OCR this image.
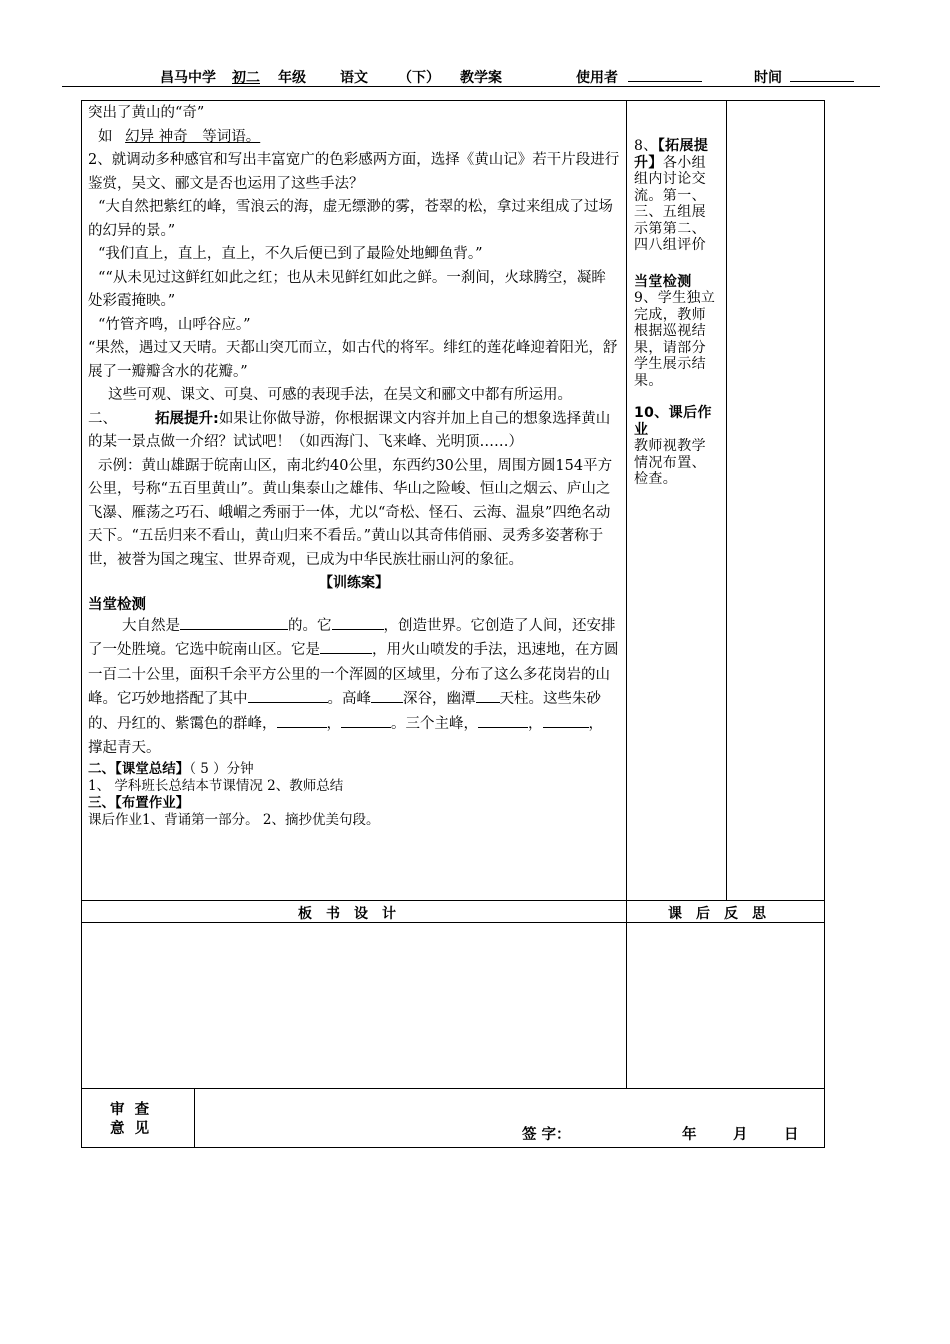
昌马中学 初二 年级 语文 （下） 教学案	使用者	时间

突出了黄山的“奇”

如 幻异 神奇　等词语。

2、就调动多种感官和写出丰富宽广的色彩感两方面，选择《黄山记》若干片段进行鉴赏，吴文、郦文是否也运用了这些手法？

“大自然把紫红的峰，雪浪云的海，虚无缥渺的雾，苍翠的松，拿过来组成了过场的幻异的景。”

“我们直上，直上，直上，不久后便已到了最险处地鲫鱼背。”

““从未见过这鲜红如此之红；也从未见鲜红如此之鲜。一刹间，火球腾空，凝眸处彩霞掩映。”

“竹管齐鸣，山呼谷应。”

“果然，遇过又天晴。天都山突兀而立，如古代的将军。绯红的莲花峰迎着阳光，舒展了一瓣瓣含水的花瓣。”

这些可观、课文、可臭、可感的表现手法，在吴文和郦文中都有所运用。

二、	拓展提升:如果让你做导游，你根据课文内容并加上自己的想象选择黄山的某一景点做一介绍？试试吧！（如西海门、飞来峰、光明顶……）

示例：黄山雄踞于皖南山区，南北约40公里，东西约30公里，周围方圆154平方公里，号称“五百里黄山”。黄山集泰山之雄伟、华山之险峻、恒山之烟云、庐山之飞瀑、雁荡之巧石、峨嵋之秀丽于一体，尤以“奇松、怪石、云海、温泉”四绝名动天下。“五岳归来不看山，黄山归来不看岳。”黄山以其奇伟俏丽、灵秀多姿著称于世，被誉为国之瑰宝、世界奇观，已成为中华民族壮丽山河的象征。

【训练案】

当堂检测

大自然是	的。它	，创造世界。它创造了人间，还安排了一处胜境。它选中皖南山区。它是	，用火山喷发的手法，迅速地，在方圆一百二十公里，面积千余平方公里的一个浑圆的区域里，分布了这么多花岗岩的山峰。它巧妙地搭配了其中	。高峰 深谷，幽潭 天柱。这些朱砂的、丹红的、紫霭色的群峰，	，	。三个主峰，	，	， 撑起青天。

二、【课堂总结】（ 5 ）分钟

1、 学科班长总结本节课情况 2、教师总结

三、【布置作业】

课后作业1、背诵第一部分。 2、摘抄优美句段。

8、【拓展提升】各小组组内讨论交流。第一、三、五组展示第第二、四八组评价

当堂检测

9、学生独立完成，教师根据巡视结果，请部分学生展示结果。

10、课后作业

教师视教学情况布置、检查。

板书设计	课后反思
审  查
意  见	签 字：	年	月	日
